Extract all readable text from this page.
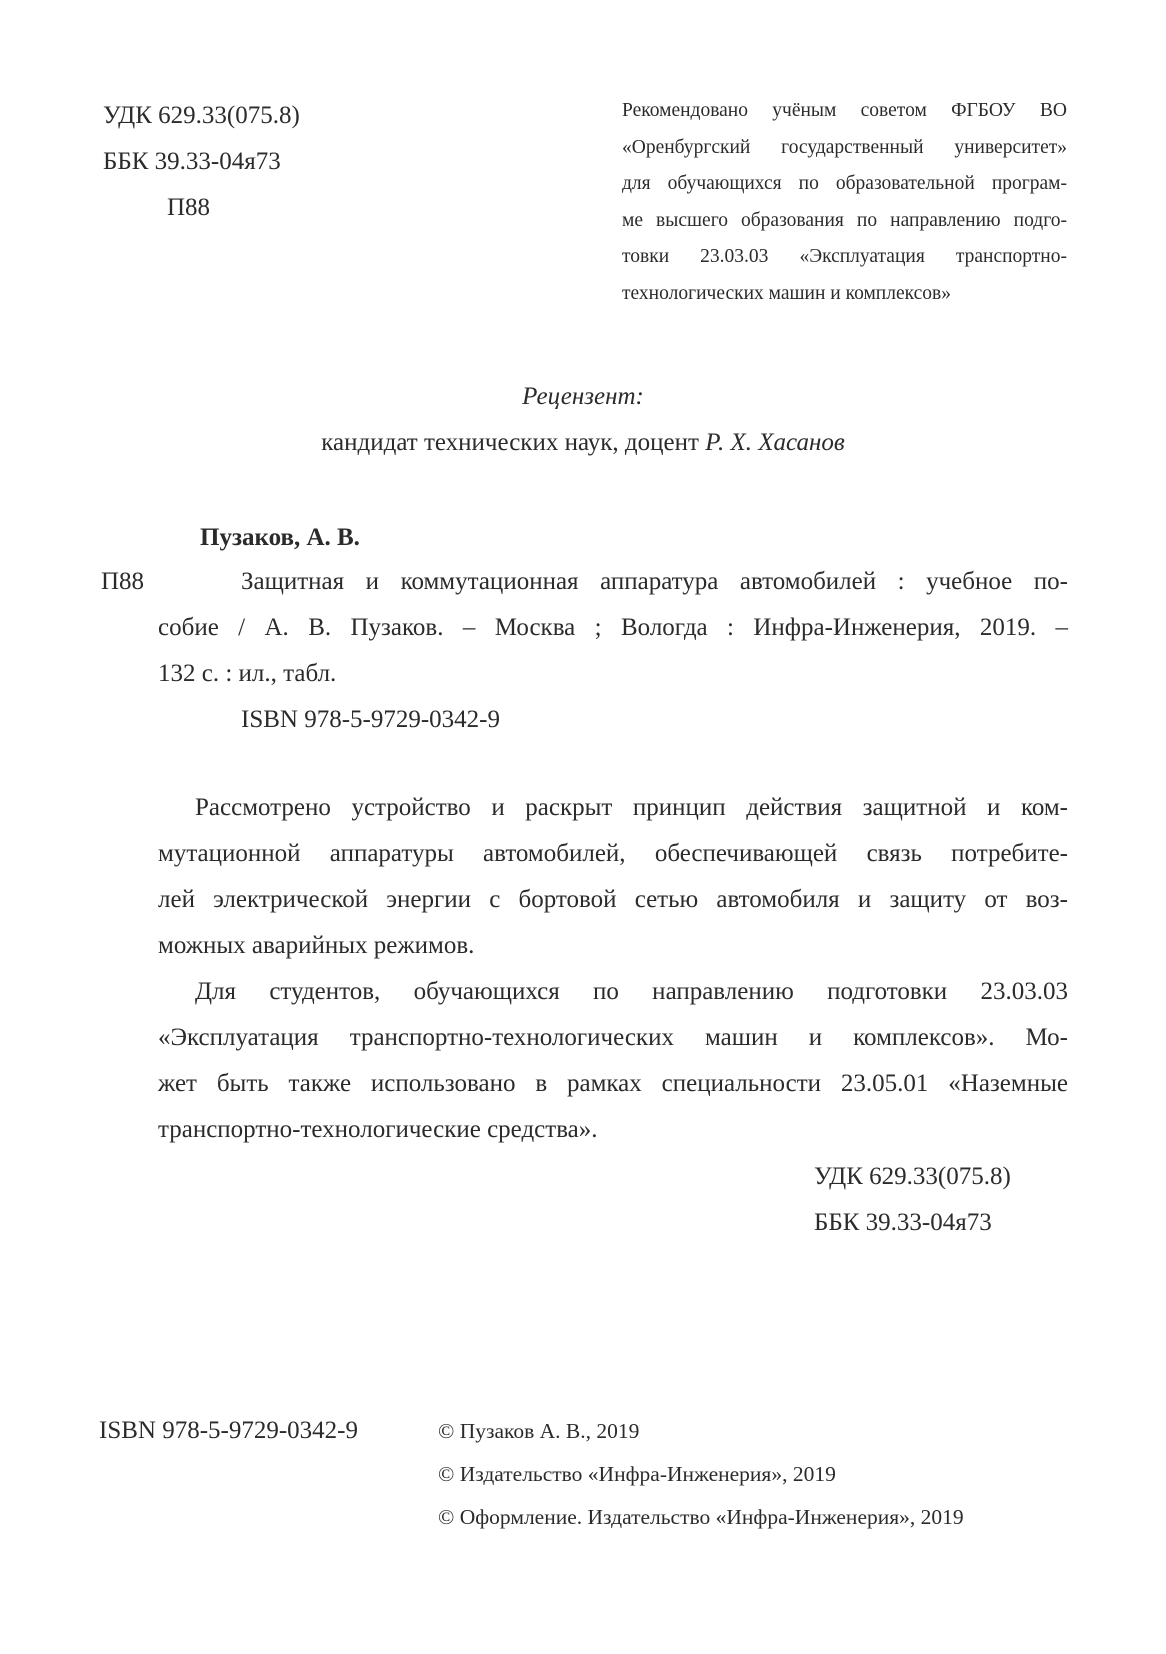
УДК 629.33(075.8)
ББК 39.33-04я73
П88
Рекомендовано учёным советом ФГБОУ ВО
«Оренбургский государственный университет»
для обучающихся по образовательной програм-
ме высшего образования по направлению подго-
товки 23.03.03 «Эксплуатация транспортно-
технологических машин и комплексов»
Рецензент:
кандидат технических наук, доцент Р. Х. Хасанов
Пузаков, А. В.
П88	Защитная и коммутационная аппаратура автомобилей : учебное по-
собие / А. В. Пузаков. – Москва ; Вологда : Инфра-Инженерия, 2019. –
132 с. : ил., табл.
ISBN 978-5-9729-0342-9
Рассмотрено устройство и раскрыт принцип действия защитной и ком-
мутационной аппаратуры автомобилей, обеспечивающей связь потребите-
лей электрической энергии с бортовой сетью автомобиля и защиту от воз-
можных аварийных режимов.
Для студентов, обучающихся по направлению подготовки 23.03.03
«Эксплуатация транспортно-технологических машин и комплексов». Мо-
жет быть также использовано в рамках специальности 23.05.01 «Наземные
транспортно-технологические средства».
УДК 629.33(075.8)
ББК 39.33-04я73
ISBN 978-5-9729-0342-9	© Пузаков А. В., 2019
© Издательство «Инфра-Инженерия», 2019
© Оформление. Издательство «Инфра-Инженерия», 2019
